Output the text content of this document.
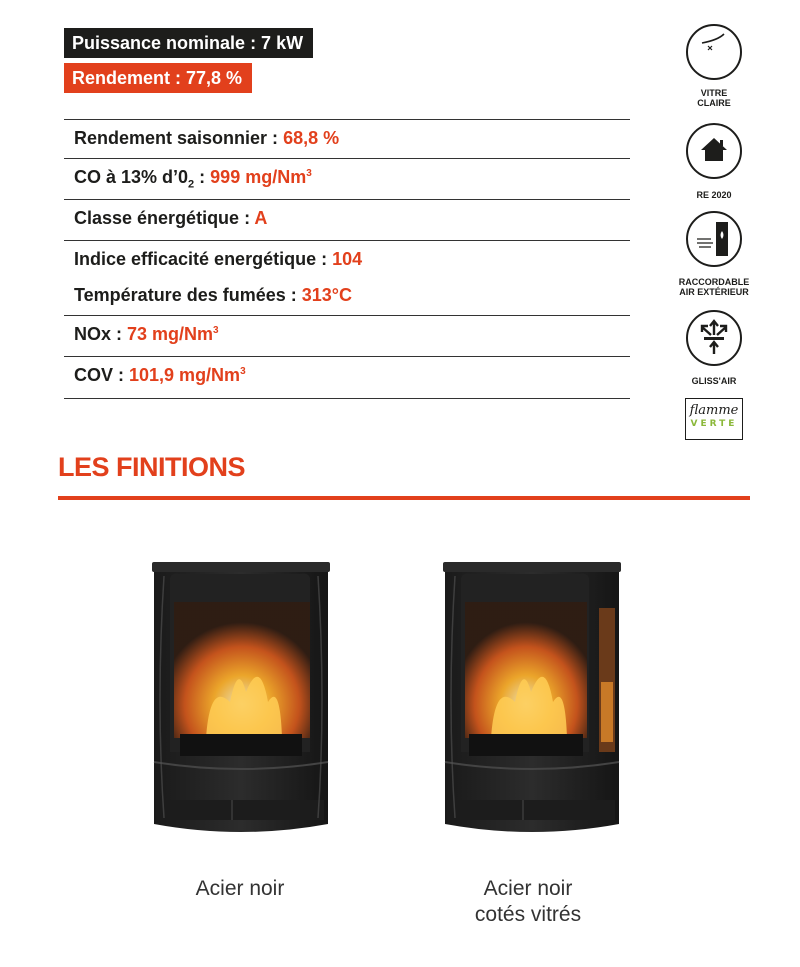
Puissance nominale : 7 kW
Rendement : 77,8 %
Rendement saisonnier : 68,8 %
CO à 13% $d’0_2$ : 999 mg/Nm$^3$
Classe énergétique : A
Indice efficacité energétique : 104
Température des fumées : 313°C
NOx : 73 mg/Nm$^3$
COV : 101,9 mg/Nm$^3$
VITRE
CLAIRE
RE 2020
RACCORDABLE
AIR EXTÉRIEUR
GLISS'AIR
flamme
VERTE
LES FINITIONS
Acier noir	Acier noir
cotés vitrés
